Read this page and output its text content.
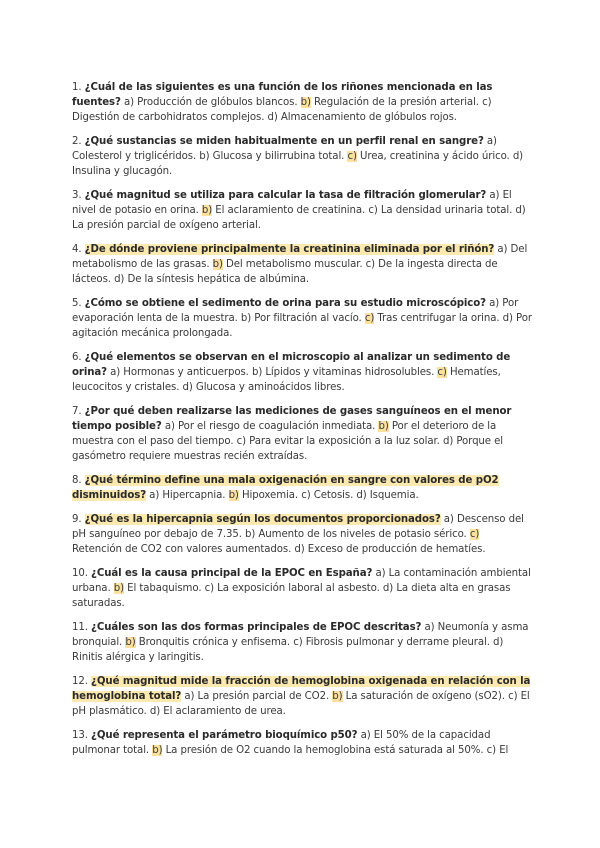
1. ¿Cuál de las siguientes es una función de los riñones mencionada en las fuentes? a) Producción de glóbulos blancos. b) Regulación de la presión arterial. c) Digestión de carbohidratos complejos. d) Almacenamiento de glóbulos rojos.

2. ¿Qué sustancias se miden habitualmente en un perfil renal en sangre? a) Colesterol y triglicéridos. b) Glucosa y bilirrubina total. c) Urea, creatinina y ácido úrico. d) Insulina y glucagón.

3. ¿Qué magnitud se utiliza para calcular la tasa de filtración glomerular? a) El nivel de potasio en orina. b) El aclaramiento de creatinina. c) La densidad urinaria total. d) La presión parcial de oxígeno arterial.

4. ¿De dónde proviene principalmente la creatinina eliminada por el riñón? a) Del metabolismo de las grasas. b) Del metabolismo muscular. c) De la ingesta directa de lácteos. d) De la síntesis hepática de albúmina.

5. ¿Cómo se obtiene el sedimento de orina para su estudio microscópico? a) Por evaporación lenta de la muestra. b) Por filtración al vacío. c) Tras centrifugar la orina. d) Por agitación mecánica prolongada.

6. ¿Qué elementos se observan en el microscopio al analizar un sedimento de orina? a) Hormonas y anticuerpos. b) Lípidos y vitaminas hidrosolubles. c) Hematíes, leucocitos y cristales. d) Glucosa y aminoácidos libres.

7. ¿Por qué deben realizarse las mediciones de gases sanguíneos en el menor tiempo posible? a) Por el riesgo de coagulación inmediata. b) Por el deterioro de la muestra con el paso del tiempo. c) Para evitar la exposición a la luz solar. d) Porque el gasómetro requiere muestras recién extraídas.

8. ¿Qué término define una mala oxigenación en sangre con valores de pO2 disminuidos? a) Hipercapnia. b) Hipoxemia. c) Cetosis. d) Isquemia.

9. ¿Qué es la hipercapnia según los documentos proporcionados? a) Descenso del pH sanguíneo por debajo de 7.35. b) Aumento de los niveles de potasio sérico. c) Retención de CO2 con valores aumentados. d) Exceso de producción de hematíes.

10. ¿Cuál es la causa principal de la EPOC en España? a) La contaminación ambiental urbana. b) El tabaquismo. c) La exposición laboral al asbesto. d) La dieta alta en grasas saturadas.

11. ¿Cuáles son las dos formas principales de EPOC descritas? a) Neumonía y asma bronquial. b) Bronquitis crónica y enfisema. c) Fibrosis pulmonar y derrame pleural. d) Rinitis alérgica y laringitis.

12. ¿Qué magnitud mide la fracción de hemoglobina oxigenada en relación con la hemoglobina total? a) La presión parcial de CO2. b) La saturación de oxígeno (sO2). c) El pH plasmático. d) El aclaramiento de urea.

13. ¿Qué representa el parámetro bioquímico p50? a) El 50% de la capacidad pulmonar total. b) La presión de O2 cuando la hemoglobina está saturada al 50%. c) El
